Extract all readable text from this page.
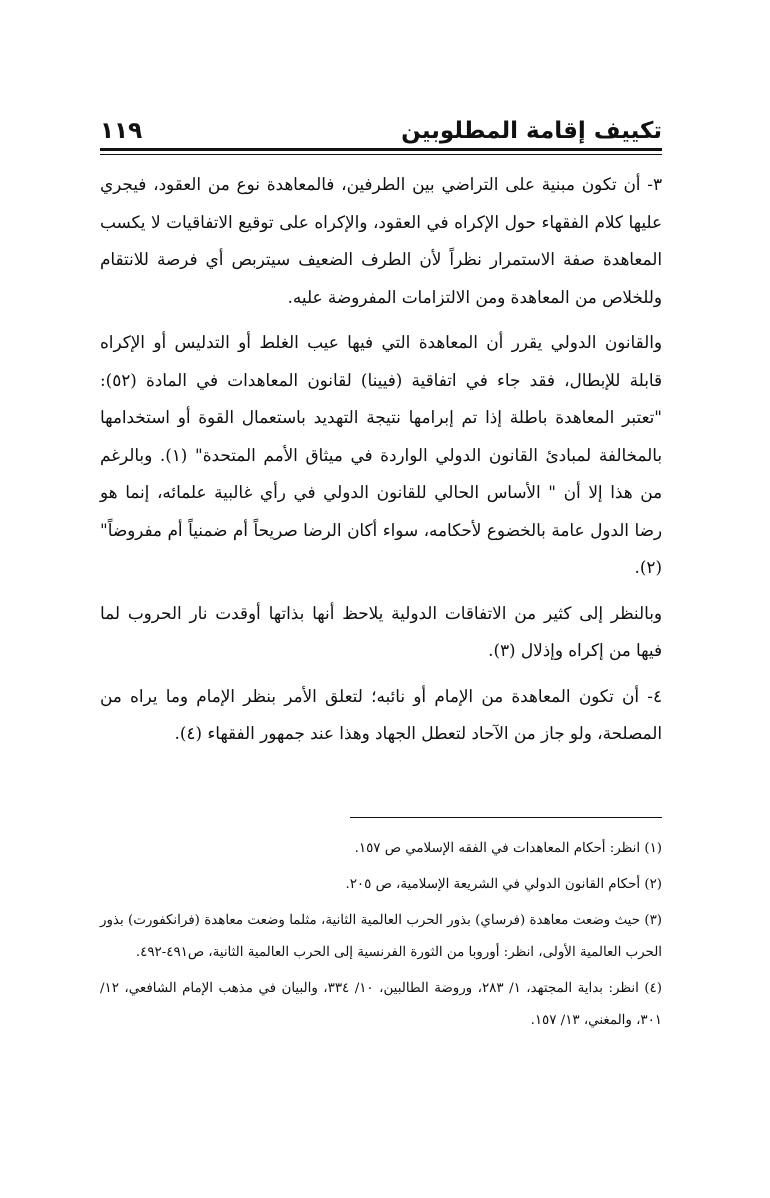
تكييف إقامة المطلوبين
١١٩

٣- أن تكون مبنية على التراضي بين الطرفين، فالمعاهدة نوع من العقود، فيجري عليها كلام الفقهاء حول الإكراه في العقود، والإكراه على توقيع الاتفاقيات لا يكسب المعاهدة صفة الاستمرار نظراً لأن الطرف الضعيف سيتربص أي فرصة للانتقام وللخلاص من المعاهدة ومن الالتزامات المفروضة عليه.

والقانون الدولي يقرر أن المعاهدة التي فيها عيب الغلط أو التدليس أو الإكراه قابلة للإبطال، فقد جاء في اتفاقية (فيينا) لقانون المعاهدات في المادة (٥٢): "تعتبر المعاهدة باطلة إذا تم إبرامها نتيجة التهديد باستعمال القوة أو استخدامها بالمخالفة لمبادئ القانون الدولي الواردة في ميثاق الأمم المتحدة" (١). وبالرغم من هذا إلا أن " الأساس الحالي للقانون الدولي في رأي غالبية علمائه، إنما هو رضا الدول عامة بالخضوع لأحكامه، سواء أكان الرضا صريحاً أم ضمنياً أم مفروضاً" (٢).

وبالنظر إلى كثير من الاتفاقات الدولية يلاحظ أنها بذاتها أوقدت نار الحروب لما فيها من إكراه وإذلال (٣).

٤- أن تكون المعاهدة من الإمام أو نائبه؛ لتعلق الأمر بنظر الإمام وما يراه من المصلحة، ولو جاز من الآحاد لتعطل الجهاد وهذا عند جمهور الفقهاء (٤).

(١) انظر: أحكام المعاهدات في الفقه الإسلامي ص ١٥٧.

(٢) أحكام القانون الدولي في الشريعة الإسلامية، ص ٢٠٥.

(٣) حيث وضعت معاهدة (فرساي) بذور الحرب العالمية الثانية، مثلما وضعت معاهدة (فرانكفورت) بذور الحرب العالمية الأولى، انظر: أوروبا من الثورة الفرنسية إلى الحرب العالمية الثانية، ص٤٩١-٤٩٢.

(٤) انظر: بداية المجتهد، ١/ ٢٨٣، وروضة الطالبين، ١٠/ ٣٣٤، والبيان في مذهب الإمام الشافعي، ١٢/ ٣٠١، والمغني، ١٣/ ١٥٧.
